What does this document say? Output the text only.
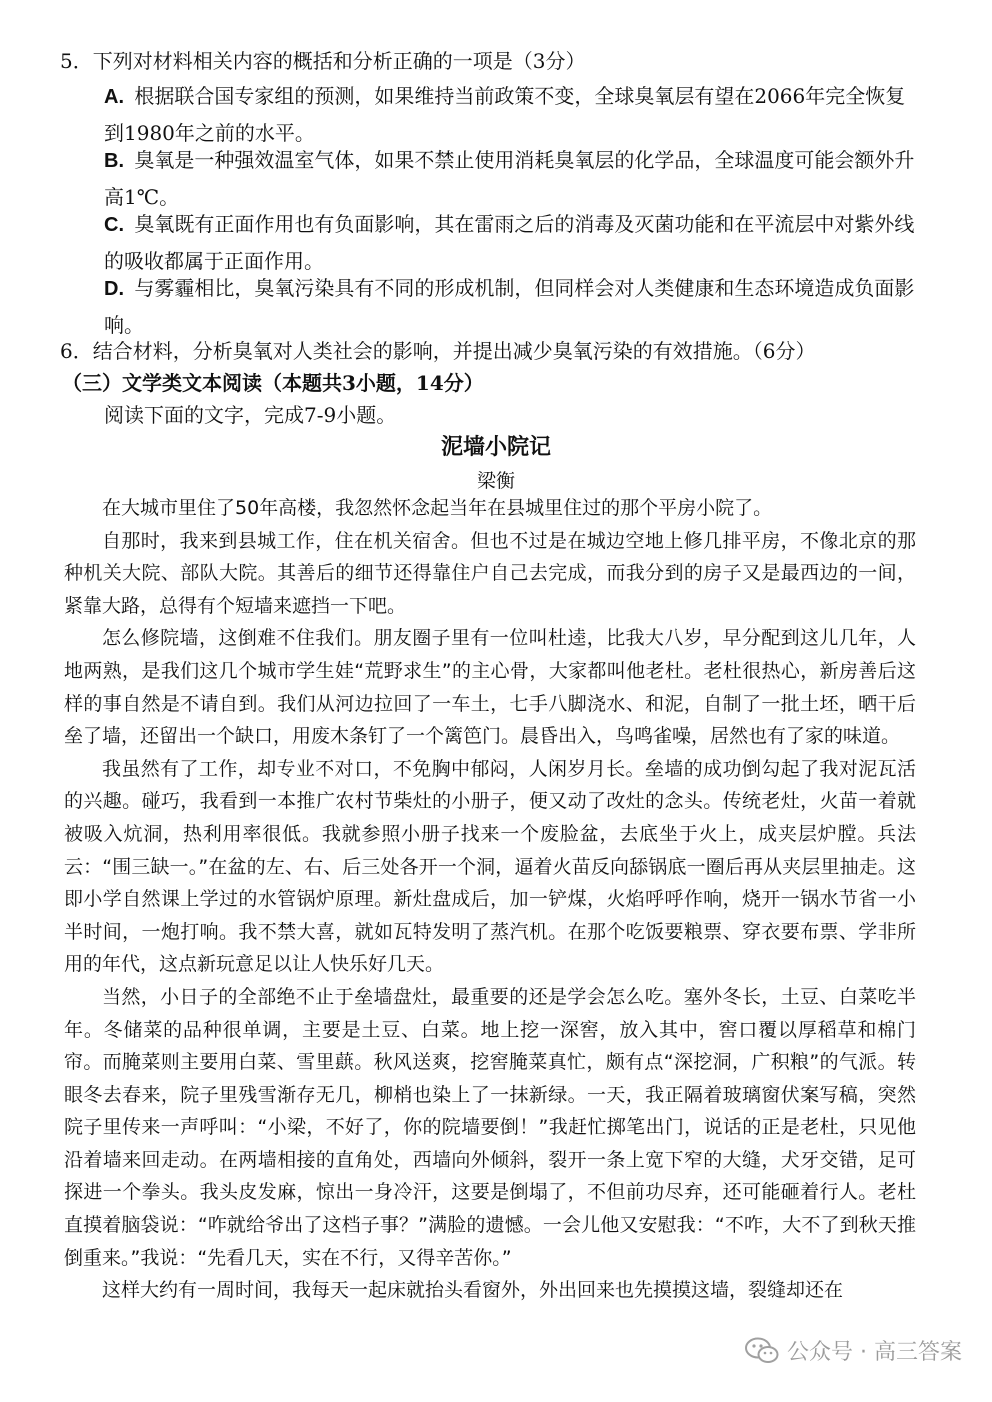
5．下列对材料相关内容的概括和分析正确的一项是（3分）
A. 根据联合国专家组的预测，如果维持当前政策不变，全球臭氧层有望在2066年完全恢复到1980年之前的水平。
B. 臭氧是一种强效温室气体，如果不禁止使用消耗臭氧层的化学品，全球温度可能会额外升高1℃。
C. 臭氧既有正面作用也有负面影响，其在雷雨之后的消毒及灭菌功能和在平流层中对紫外线的吸收都属于正面作用。
D. 与雾霾相比，臭氧污染具有不同的形成机制，但同样会对人类健康和生态环境造成负面影响。
6．结合材料，分析臭氧对人类社会的影响，并提出减少臭氧污染的有效措施。（6分）
（三）文学类文本阅读（本题共3小题，14分）
阅读下面的文字，完成7-9小题。
泥墙小院记
梁衡

在大城市里住了50年高楼，我忽然怀念起当年在县城里住过的那个平房小院了。

自那时，我来到县城工作，住在机关宿舍。但也不过是在城边空地上修几排平房，不像北京的那种机关大院、部队大院。其善后的细节还得靠住户自己去完成，而我分到的房子又是最西边的一间，紧靠大路，总得有个短墙来遮挡一下吧。

怎么修院墙，这倒难不住我们。朋友圈子里有一位叫杜逵，比我大八岁，早分配到这儿几年，人地两熟，是我们这几个城市学生娃“荒野求生”的主心骨，大家都叫他老杜。老杜很热心，新房善后这样的事自然是不请自到。我们从河边拉回了一车土，七手八脚浇水、和泥，自制了一批土坯，晒干后垒了墙，还留出一个缺口，用废木条钉了一个篱笆门。晨昏出入，鸟鸣雀噪，居然也有了家的味道。

我虽然有了工作，却专业不对口，不免胸中郁闷，人闲岁月长。垒墙的成功倒勾起了我对泥瓦活的兴趣。碰巧，我看到一本推广农村节柴灶的小册子，便又动了改灶的念头。传统老灶，火苗一着就被吸入炕洞，热利用率很低。我就参照小册子找来一个废脸盆，去底坐于火上，成夹层炉膛。兵法云：“围三缺一。”在盆的左、右、后三处各开一个洞，逼着火苗反向舔锅底一圈后再从夹层里抽走。这即小学自然课上学过的水管锅炉原理。新灶盘成后，加一铲煤，火焰呼呼作响，烧开一锅水节省一小半时间，一炮打响。我不禁大喜，就如瓦特发明了蒸汽机。在那个吃饭要粮票、穿衣要布票、学非所用的年代，这点新玩意足以让人快乐好几天。

当然，小日子的全部绝不止于垒墙盘灶，最重要的还是学会怎么吃。塞外冬长，土豆、白菜吃半年。冬储菜的品种很单调，主要是土豆、白菜。地上挖一深窖，放入其中，窖口覆以厚稻草和棉门帘。而腌菜则主要用白菜、雪里蕻。秋风送爽，挖窖腌菜真忙，颇有点“深挖洞，广积粮”的气派。转眼冬去春来，院子里残雪渐存无几，柳梢也染上了一抹新绿。一天，我正隔着玻璃窗伏案写稿，突然院子里传来一声呼叫：“小梁，不好了，你的院墙要倒！”我赶忙掷笔出门，说话的正是老杜，只见他沿着墙来回走动。在两墙相接的直角处，西墙向外倾斜，裂开一条上宽下窄的大缝，犬牙交错，足可探进一个拳头。我头皮发麻，惊出一身冷汗，这要是倒塌了，不但前功尽弃，还可能砸着行人。老杜直摸着脑袋说：“咋就给爷出了这档子事？”满脸的遗憾。一会儿他又安慰我：“不咋，大不了到秋天推倒重来。”我说：“先看几天，实在不行，又得辛苦你。”

这样大约有一周时间，我每天一起床就抬头看窗外，外出回来也先摸摸这墙，裂缝却还在

公众号 · 高三答案
